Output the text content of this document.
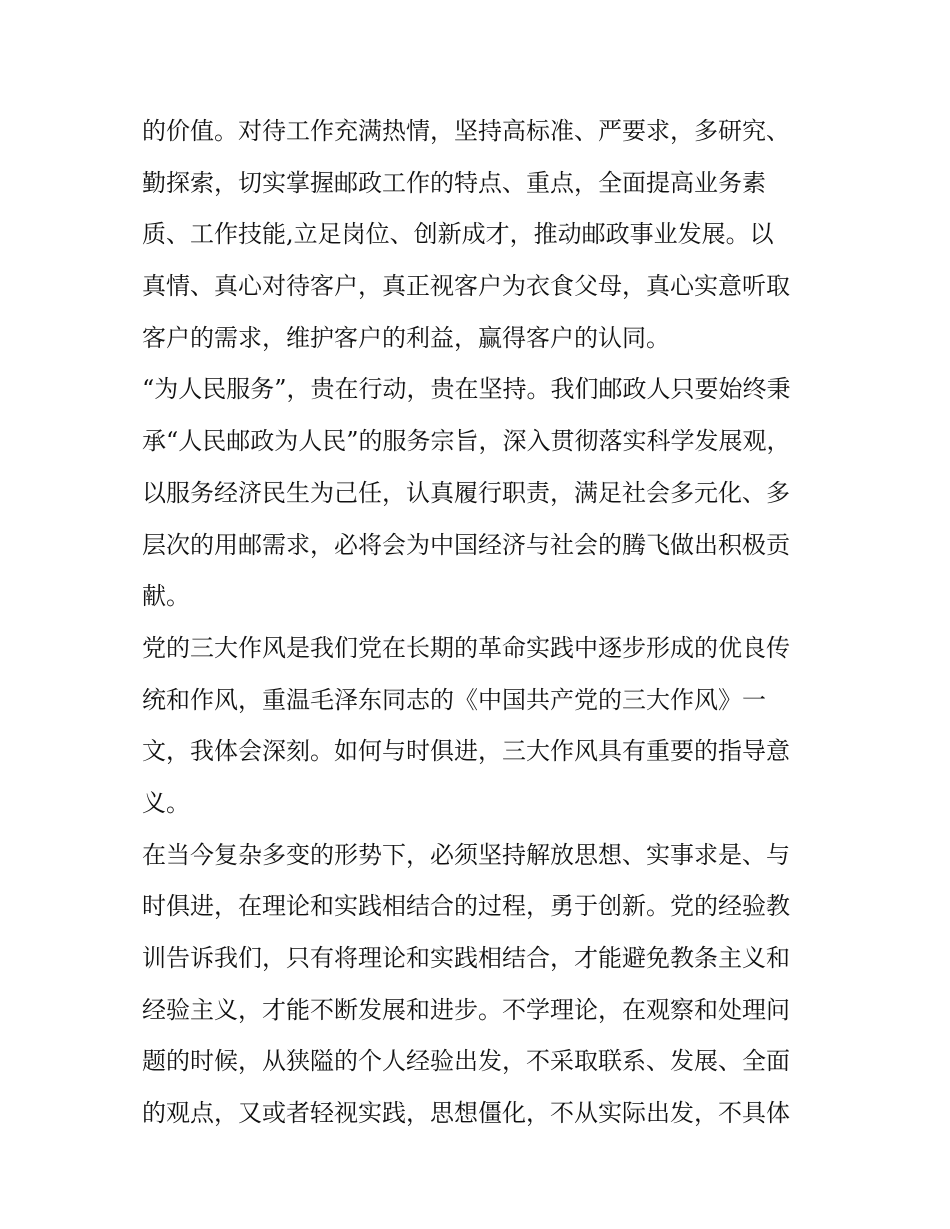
的价值。对待工作充满热情，坚持高标准、严要求，多研究、
勤探索，切实掌握邮政工作的特点、重点，全面提高业务素
质、工作技能,立足岗位、创新成才，推动邮政事业发展。以
真情、真心对待客户，真正视客户为衣食父母，真心实意听取
客户的需求，维护客户的利益，赢得客户的认同。
“为人民服务”，贵在行动，贵在坚持。我们邮政人只要始终秉
承“人民邮政为人民”的服务宗旨，深入贯彻落实科学发展观，
以服务经济民生为己任，认真履行职责，满足社会多元化、多
层次的用邮需求，必将会为中国经济与社会的腾飞做出积极贡
献。
党的三大作风是我们党在长期的革命实践中逐步形成的优良传
统和作风，重温毛泽东同志的《中国共产党的三大作风》一
文，我体会深刻。如何与时俱进，三大作风具有重要的指导意
义。
在当今复杂多变的形势下，必须坚持解放思想、实事求是、与
时俱进，在理论和实践相结合的过程，勇于创新。党的经验教
训告诉我们，只有将理论和实践相结合，才能避免教条主义和
经验主义，才能不断发展和进步。不学理论，在观察和处理问
题的时候，从狭隘的个人经验出发，不采取联系、发展、全面
的观点，又或者轻视实践，思想僵化，不从实际出发，不具体
